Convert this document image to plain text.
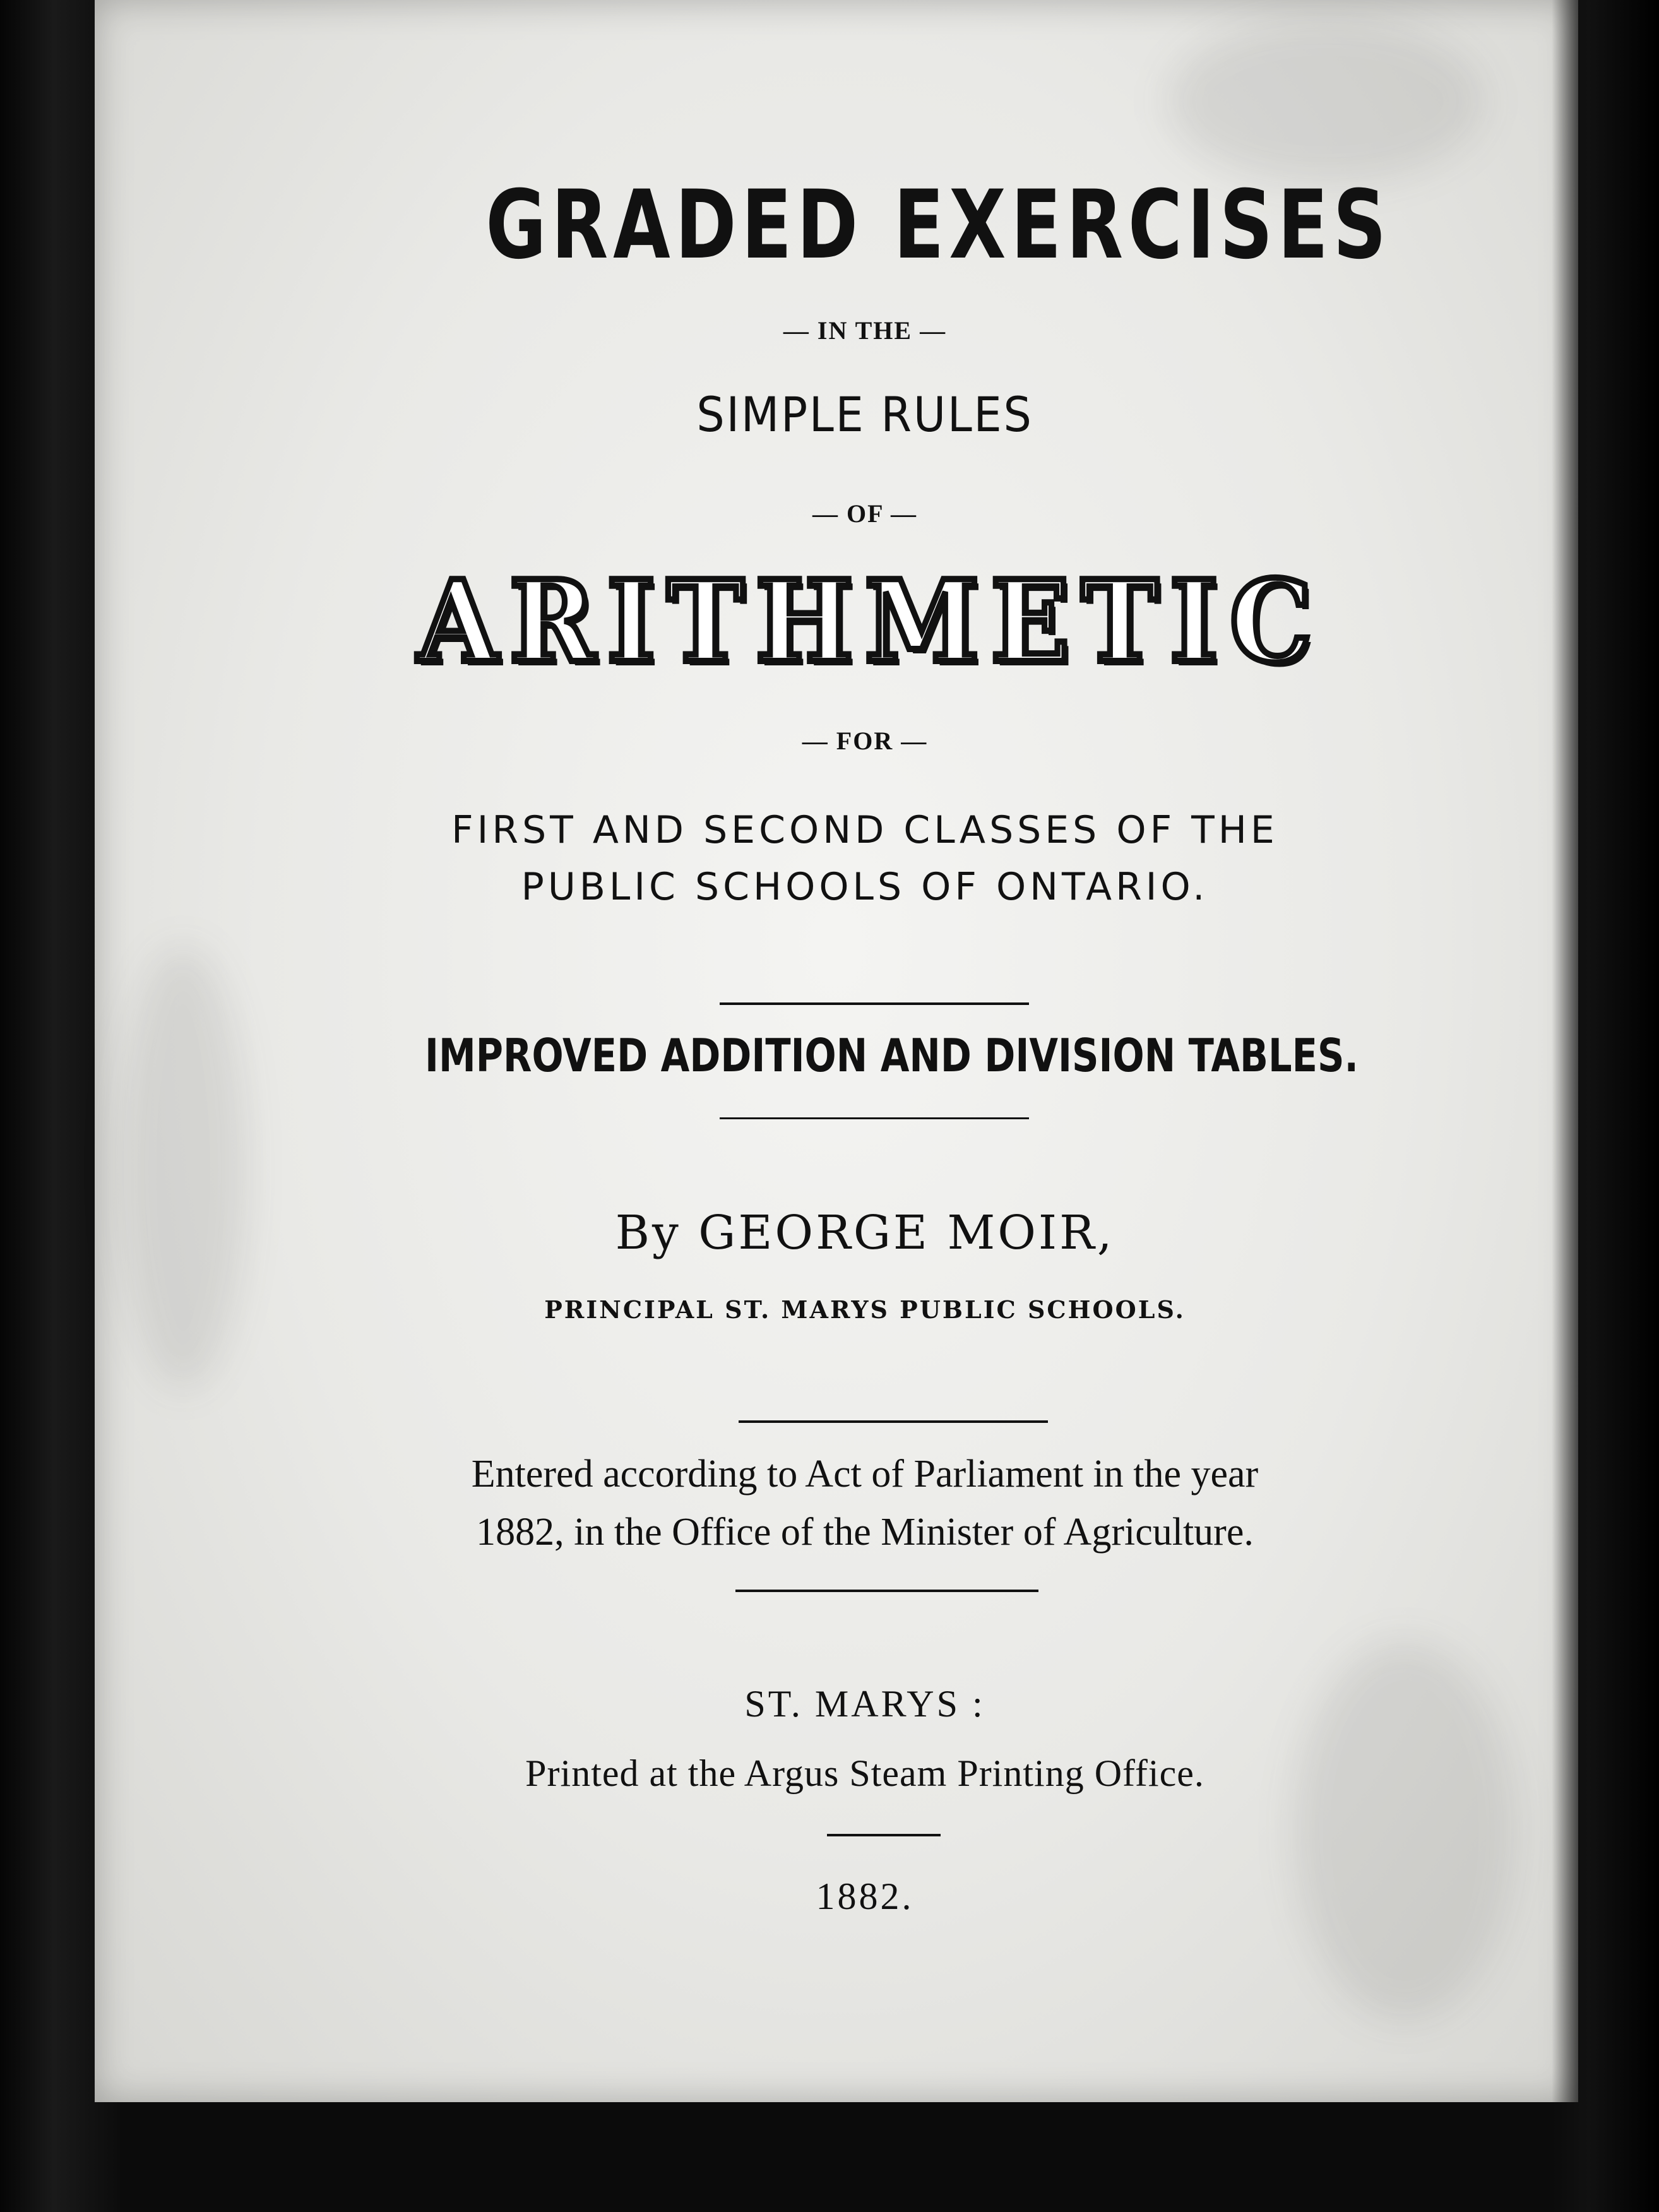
GRADED EXERCISES

— IN THE —

SIMPLE RULES

— OF —

ARITHMETIC

— FOR —

FIRST AND SECOND CLASSES OF THE

PUBLIC SCHOOLS OF ONTARIO.

IMPROVED ADDITION AND DIVISION TABLES.

By GEORGE MOIR,

PRINCIPAL ST. MARYS PUBLIC SCHOOLS.

Entered according to Act of Parliament in the year

1882, in the Office of the Minister of Agriculture.

ST. MARYS :

Printed at the Argus Steam Printing Office.

1882.
